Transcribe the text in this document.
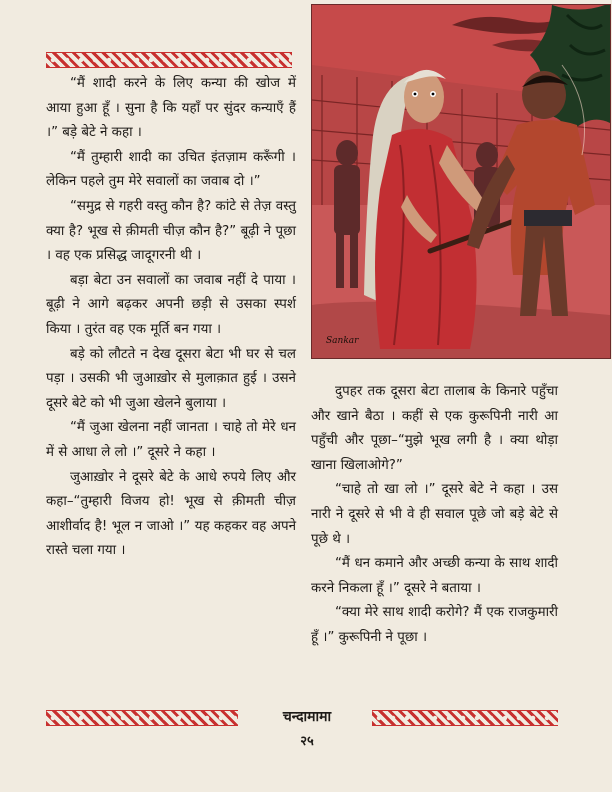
“मैं शादी करने के लिए कन्या की खोज में आया हुआ हूँ । सुना है कि यहाँ पर सुंदर कन्याएँ हैं ।” बड़े बेटे ने कहा ।

“मैं तुम्हारी शादी का उचित इंतज़ाम करूँगी । लेकिन पहले तुम मेरे सवालों का जवाब दो ।”

“समुद्र से गहरी वस्तु कौन है? कांटे से तेज़ वस्तु क्या है? भूख से क़ीमती चीज़ कौन है?” बूढ़ी ने पूछा । वह एक प्रसिद्ध जादूगरनी थी ।

बड़ा बेटा उन सवालों का जवाब नहीं दे पाया । बूढ़ी ने आगे बढ़कर अपनी छड़ी से उसका स्पर्श किया । तुरंत वह एक मूर्ति बन गया ।

बड़े को लौटते न देख दूसरा बेटा भी घर से चल पड़ा । उसकी भी जुआख़ोर से मुलाक़ात हुई । उसने दूसरे बेटे को भी जुआ खेलने बुलाया ।

“मैं जुआ खेलना नहीं जानता । चाहे तो मेरे धन में से आधा ले लो ।” दूसरे ने कहा ।

जुआख़ोर ने दूसरे बेटे के आधे रुपये लिए और कहा–“तुम्हारी विजय हो! भूख से क़ीमती चीज़ आशीर्वाद है! भूल न जाओ ।” यह कहकर वह अपने रास्ते चला गया ।

Sankar

दुपहर तक दूसरा बेटा तालाब के किनारे पहुँचा और खाने बैठा । कहीं से एक कुरूपिनी नारी आ पहुँची और पूछा–“मुझे भूख लगी है । क्या थोड़ा खाना खिलाओगे?”

“चाहे तो खा लो ।” दूसरे बेटे ने कहा । उस नारी ने दूसरे से भी वे ही सवाल पूछे जो बड़े बेटे से पूछे थे ।

“मैं धन कमाने और अच्छी कन्या के साथ शादी करने निकला हूँ ।” दूसरे ने बताया ।

“क्या मेरे साथ शादी करोगे? मैं एक राजकुमारी हूँ ।” कुरूपिनी ने पूछा ।

चन्दामामा
२५
